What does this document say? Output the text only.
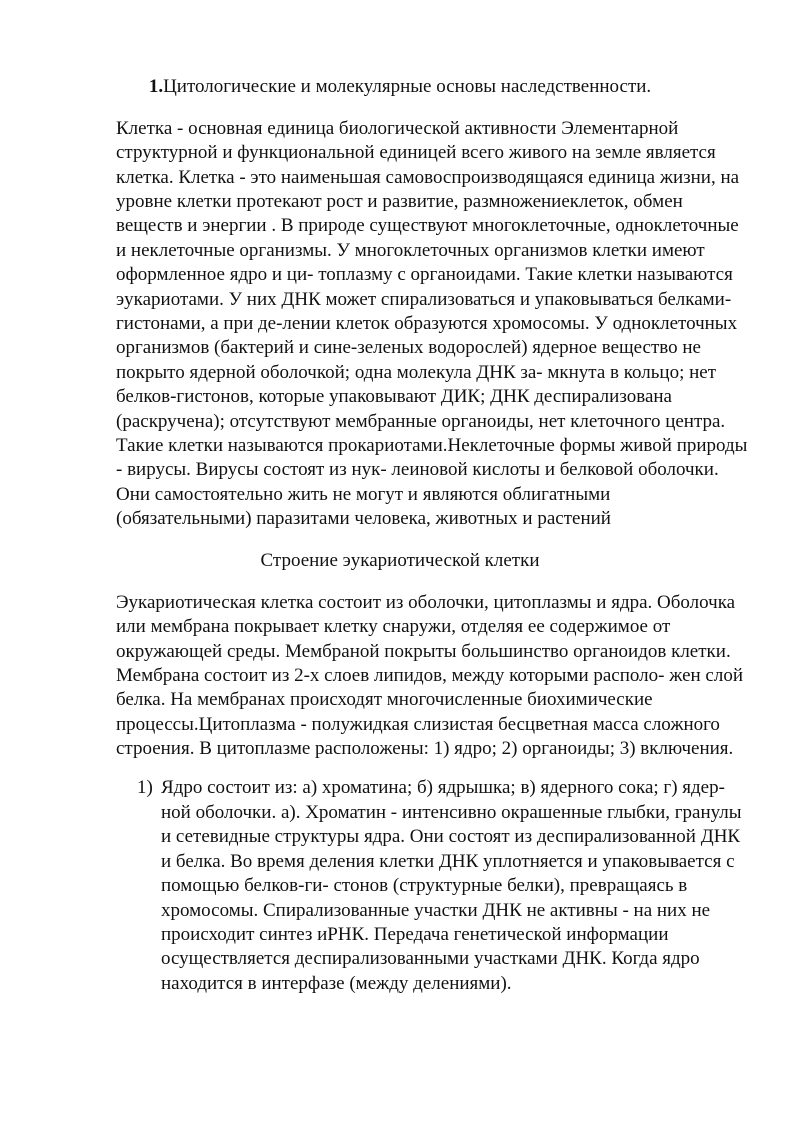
1.Цитологические и молекулярные основы наследственности.

Клетка - основная единица биологической активности Элементарной

структурной и функциональной единицей всего живого на земле является

клетка. Клетка - это наименьшая самовоспроизводящаяся единица жизни, на

уровне клетки протекают рост и развитие, размножениеклеток, обмен

веществ и энергии . В природе существуют многоклеточные, одноклеточные

и неклеточные организмы. У многоклеточных организмов клетки имеют

оформленное ядро и ци- топлазму с органоидами. Такие клетки называются

эукариотами. У них ДНК может спирализоваться и упаковываться белками-

гистонами, а при де-лении клеток образуются хромосомы. У одноклеточных

организмов (бактерий и сине-зеленых водорослей) ядерное вещество не

покрыто ядерной оболочкой; одна молекула ДНК за- мкнута в кольцо; нет

белков-гистонов, которые упаковывают ДИК; ДНК деспирализована

(раскручена); отсутствуют мембранные органоиды, нет клеточного центра.

Такие клетки называются прокариотами.Неклеточные формы живой природы

- вирусы. Вирусы состоят из нук- леиновой кислоты и белковой оболочки.

Они самостоятельно жить не могут и являются облигатными

(обязательными) паразитами человека, животных и растений

Строение эукариотической клетки

Эукариотическая клетка состоит из оболочки, цитоплазмы и ядра. Оболочка

или мембрана покрывает клетку снаружи, отделяя ее содержимое от

окружающей среды. Мембраной покрыты большинство органоидов клетки.

Мембрана состоит из 2-х слоев липидов, между которыми располо- жен слой

белка. На мембранах происходят многочисленные биохимические

процессы.Цитоплазма - полужидкая слизистая бесцветная масса сложного

строения. В цитоплазме расположены: 1) ядро; 2) органоиды; 3) включения.

1) Ядро состоит из: а) хроматина; б) ядрышка; в) ядерного сока; г) ядер-

ной оболочки. а). Хроматин - интенсивно окрашенные глыбки, гранулы

и сетевидные структуры ядра. Они состоят из деспирализованной ДНК

и белка. Во время деления клетки ДНК уплотняется и упаковывается с

помощью белков-ги- стонов (структурные белки), превращаясь в

хромосомы. Спирализованные участки ДНК не активны - на них не

происходит синтез иРНК. Передача генетической информации

осуществляется деспирализованными участками ДНК. Когда ядро

находится в интерфазе (между делениями).
